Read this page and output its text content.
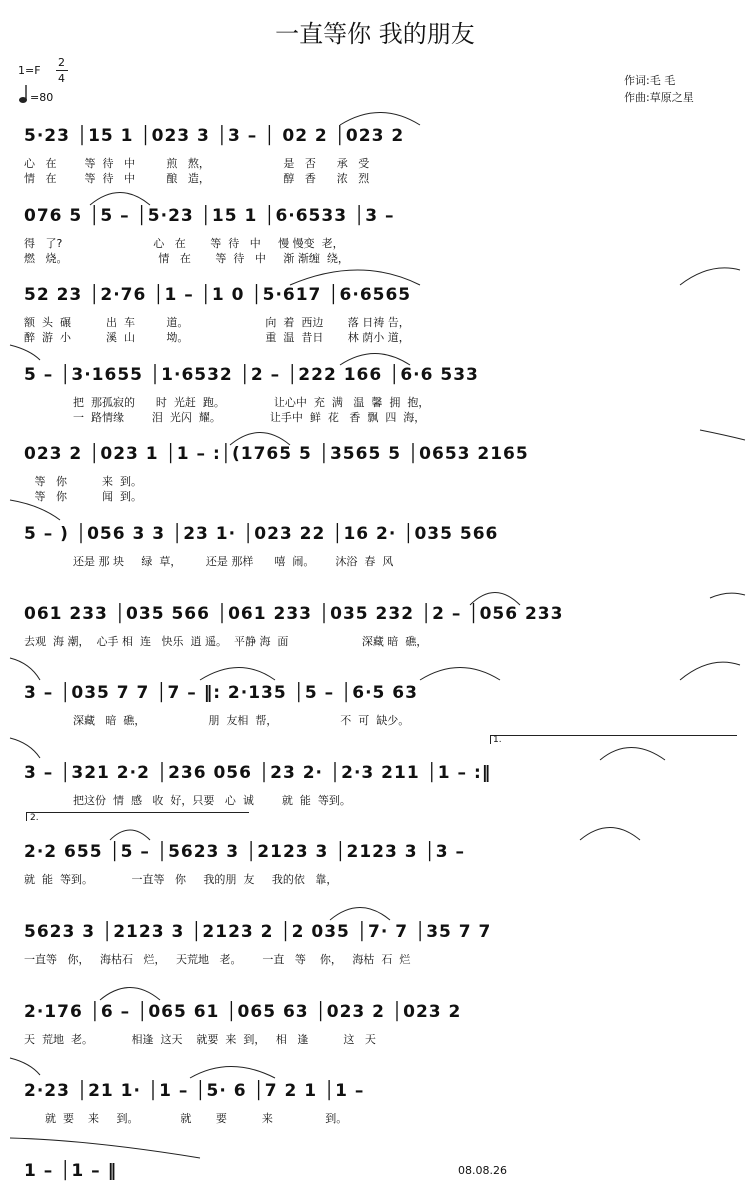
一直等你 我的朋友
1=F
2
4
=80
作词:毛 毛
作曲:草原之星
5·23 │15 1 │023 3 │3 – │ 02 2 │023 2
心   在        等  待   中         煎   熬，                     是   否      承   受
情   在        等  待   中         酿   造，                     醇   香      浓   烈
076 5 │5 – │5·23 │15 1 │6·6533 │3 –
得   了?                          心   在       等  待   中     慢 慢变  老，
燃   烧。                          情   在       等  待   中     渐 渐缠  绕，
52 23 │2·76 │1 – │1 0 │5·617 │6·6565
额  头  碾          出  车         道。                      向  着  西边       落 日祷 告，
醉  游  小          溪  山         坳。                      重  温  昔日       林 荫小 道，
5 – │3·1655 │1·6532 │2 – │222 166 │6·6 533
把  那孤寂的      时  光赶  跑。              让心中  充  满   温  馨  拥  抱，
一  路情缘        泪  光闪  耀。              让手中  鲜  花   香  飘  四  海，
023 2 │023 1 │1 – :│(1765 5 │3565 5 │0653 2165
等   你          来  到。
等   你          闻  到。
5 – ) │056 3 3 │23 1· │023 22 │16 2· │035 566
还是 那 块     绿  草，       还是 那样      嘻  闹。      沐浴  春  风
061 233 │035 566 │061 233 │035 232 │2 – │056 233
去观  海 潮，  心手 相  连   快乐  逍 遥。  平静 海  面                     深藏 暗  礁，
3 – │035 7 7 │7 – ‖: 2·135 │5 – │6·5 63
深藏   暗  礁，                  朋  友相  帮，                  不  可  缺少。
3 – │321 2·2 │236 056 │23 2· │2·3 211 │1 – :‖
把这份  情  感   收  好，只要   心  诚        就  能  等到。
2·2 655 │5 – │5623 3 │2123 3 │2123 3 │3 –
就  能  等到。           一直等   你     我的朋  友     我的依   靠，
5623 3 │2123 3 │2123 2 │2 035 │7· 7 │35 7 7
一直等   你，   海枯石   烂，   天荒地   老。      一直   等    你，   海枯  石  烂
2·176 │6 – │065 61 │065 63 │023 2 │023 2
天  荒地  老。           相逢  这天    就要  来  到，   相   逢          这   天
2·23 │21 1· │1 – │5· 6 │7 2 1 │1 –
就  要    来     到。            就       要          来               到。
1 – │1 – ‖
1.
2.
08.08.26
